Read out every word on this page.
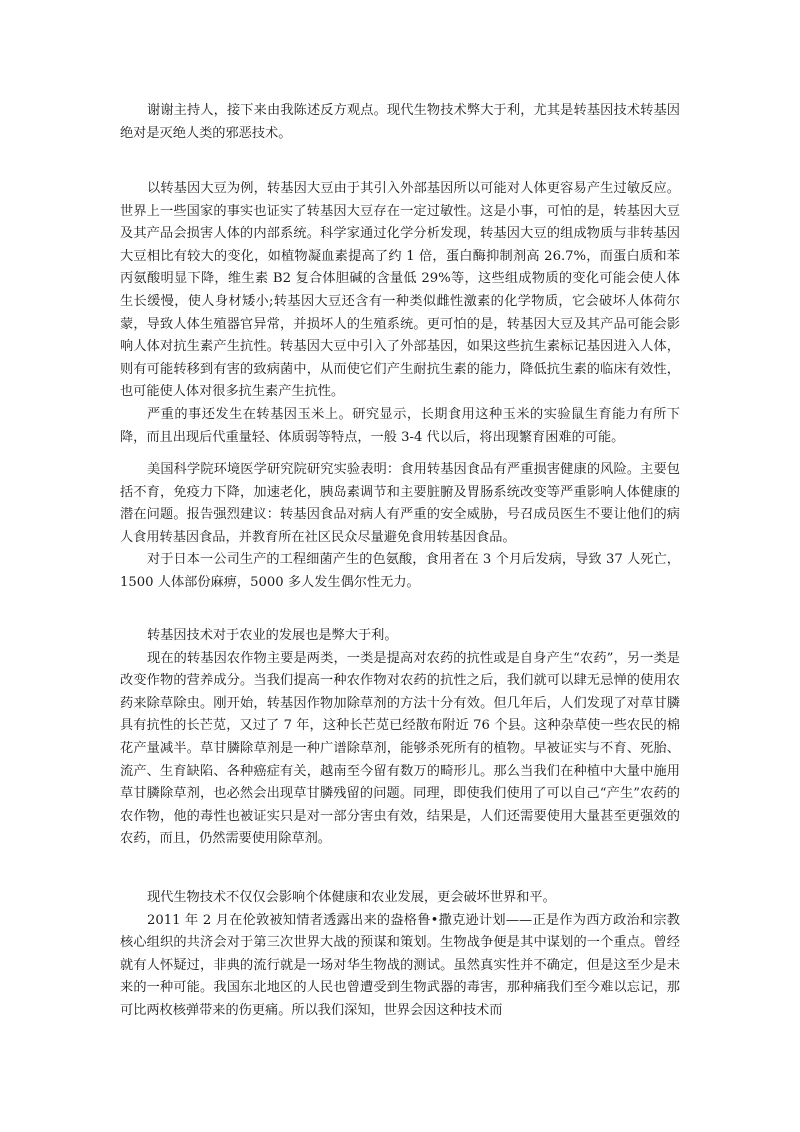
谢谢主持人，接下来由我陈述反方观点。现代生物技术弊大于利，尤其是转基因技术转基因绝对是灭绝人类的邪恶技术。

以转基因大豆为例，转基因大豆由于其引入外部基因所以可能对人体更容易产生过敏反应。世界上一些国家的事实也证实了转基因大豆存在一定过敏性。这是小事，可怕的是，转基因大豆及其产品会损害人体的内部系统。科学家通过化学分析发现，转基因大豆的组成物质与非转基因大豆相比有较大的变化，如植物凝血素提高了约 1 倍，蛋白酶抑制剂高 26.7%，而蛋白质和苯丙氨酸明显下降，维生素 B2 复合体胆碱的含量低 29%等，这些组成物质的变化可能会使人体生长缓慢，使人身材矮小;转基因大豆还含有一种类似雌性激素的化学物质，它会破坏人体荷尔蒙，导致人体生殖器官异常，并损坏人的生殖系统。更可怕的是，转基因大豆及其产品可能会影响人体对抗生素产生抗性。转基因大豆中引入了外部基因，如果这些抗生素标记基因进入人体，则有可能转移到有害的致病菌中，从而使它们产生耐抗生素的能力，降低抗生素的临床有效性，也可能使人体对很多抗生素产生抗性。

严重的事还发生在转基因玉米上。研究显示，长期食用这种玉米的实验鼠生育能力有所下降，而且出现后代重量轻、体质弱等特点，一般 3-4 代以后，将出现繁育困难的可能。

美国科学院环境医学研究院研究实验表明：食用转基因食品有严重损害健康的风险。主要包括不育，免疫力下降，加速老化，胰岛素调节和主要脏腑及胃肠系统改变等严重影响人体健康的潜在问题。报告强烈建议：转基因食品对病人有严重的安全威胁，号召成员医生不要让他们的病人食用转基因食品，并教育所在社区民众尽量避免食用转基因食品。

对于日本一公司生产的工程细菌产生的色氨酸，食用者在 3 个月后发病，导致 37 人死亡，1500 人体部份麻痹，5000 多人发生偶尔性无力。

转基因技术对于农业的发展也是弊大于利。

现在的转基因农作物主要是两类，一类是提高对农药的抗性或是自身产生“农药”，另一类是改变作物的营养成分。当我们提高一种农作物对农药的抗性之后，我们就可以肆无忌惮的使用农药来除草除虫。刚开始，转基因作物加除草剂的方法十分有效。但几年后，人们发现了对草甘膦具有抗性的长芒苋，又过了 7 年，这种长芒苋已经散布附近 76 个县。这种杂草使一些农民的棉花产量减半。草甘膦除草剂是一种广谱除草剂，能够杀死所有的植物。早被证实与不育、死胎、流产、生育缺陷、各种癌症有关，越南至今留有数万的畸形儿。那么当我们在种植中大量中施用草甘膦除草剂，也必然会出现草甘膦残留的问题。同理，即使我们使用了可以自己“产生”农药的农作物，他的毒性也被证实只是对一部分害虫有效，结果是，人们还需要使用大量甚至更强效的农药，而且，仍然需要使用除草剂。

现代生物技术不仅仅会影响个体健康和农业发展，更会破坏世界和平。

2011 年 2 月在伦敦被知情者透露出来的盎格鲁•撒克逊计划——正是作为西方政治和宗教核心组织的共济会对于第三次世界大战的预谋和策划。生物战争便是其中谋划的一个重点。曾经就有人怀疑过，非典的流行就是一场对华生物战的测试。虽然真实性并不确定，但是这至少是未来的一种可能。我国东北地区的人民也曾遭受到生物武器的毒害，那种痛我们至今难以忘记，那可比两枚核弹带来的伤更痛。所以我们深知，世界会因这种技术而
